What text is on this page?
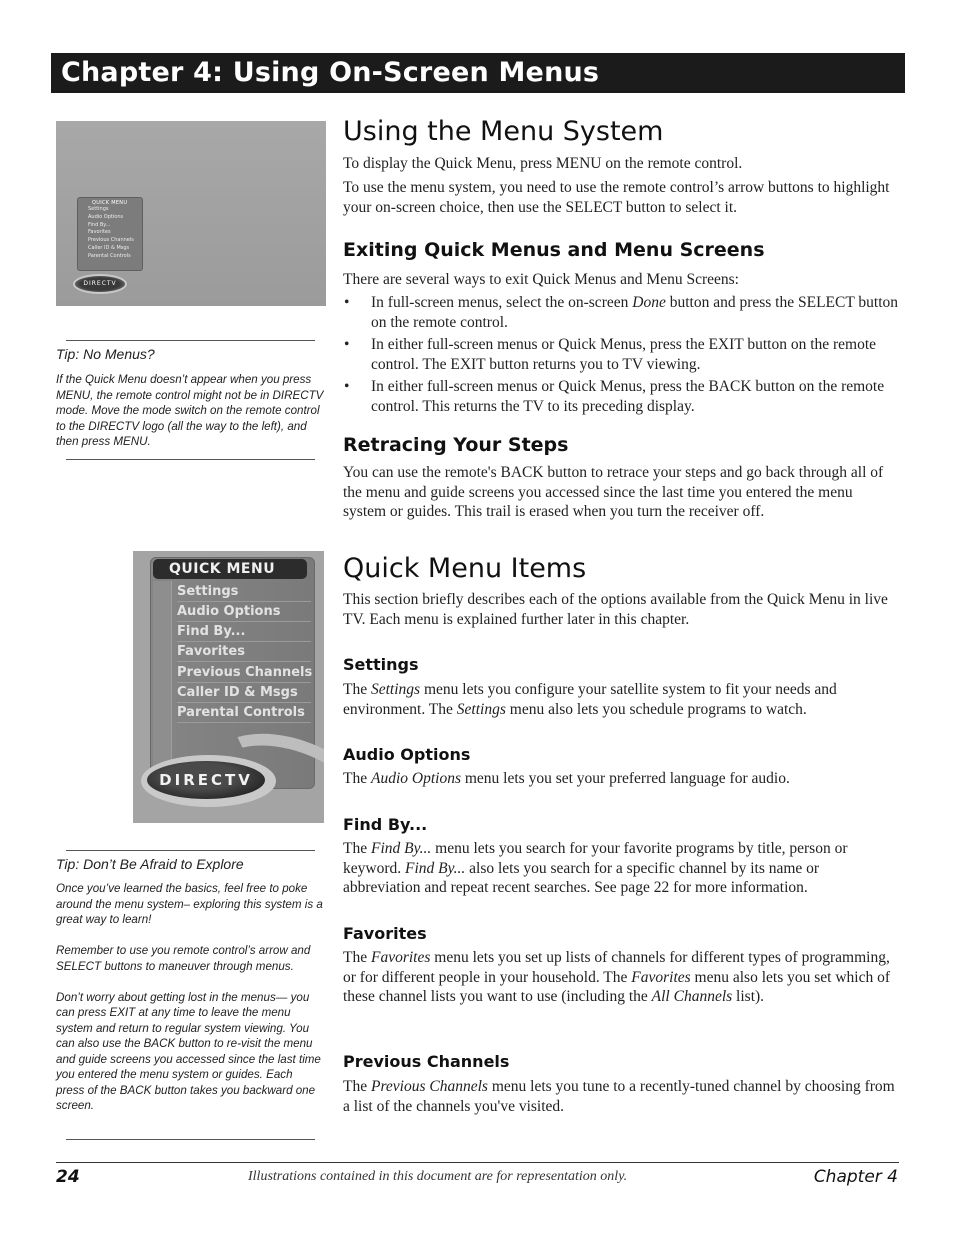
Chapter 4: Using On-Screen Menus
QUICK MENU
Settings
Audio Options
Find By...
Favorites
Previous Channels
Caller ID & Msgs
Parental Controls
DIRECTV
Tip: No Menus?

If the Quick Menu doesn’t appear when you press MENU, the remote control might not be in DIRECTV mode. Move the mode switch on the remote control to the DIRECTV logo (all the way to the left), and then press MENU.

Using the Menu System

To display the Quick Menu, press MENU on the remote control.

To use the menu system, you need to use the remote control’s arrow buttons to highlight your on-screen choice, then use the SELECT button to select it.

Exiting Quick Menus and Menu Screens

There are several ways to exit Quick Menus and Menu Screens:

• In full-screen menus, select the on-screen Done button and press the SELECT button on the remote control.
• In either full-screen menus or Quick Menus, press the EXIT button on the remote control. The EXIT button returns you to TV viewing.
• In either full-screen menus or Quick Menus, press the BACK button on the remote control. This returns the TV to its preceding display.
Retracing Your Steps

You can use the remote's BACK button to retrace your steps and go back through all of the menu and guide screens you accessed since the last time you entered the menu system or guides. This trail is erased when you turn the receiver off.

QUICK MENU
Settings
Audio Options
Find By...
Favorites
Previous Channels
Caller ID & Msgs
Parental Controls
DIRECTV
Tip: Don’t Be Afraid to Explore

Once you’ve learned the basics, feel free to poke around the menu system– exploring this system is a great way to learn!

Remember to use you remote control’s arrow and SELECT buttons to maneuver through menus.

Don’t worry about getting lost in the menus— you can press EXIT at any time to leave the menu system and return to regular system viewing. You can also use the BACK button to re-visit the menu and guide screens you accessed since the last time you entered the menu system or guides. Each press of the BACK button takes you backward one screen.

Quick Menu Items

This section briefly describes each of the options available from the Quick Menu in live TV. Each menu is explained further later in this chapter.

Settings

The Settings menu lets you configure your satellite system to fit your needs and environment. The Settings menu also lets you schedule programs to watch.

Audio Options

The Audio Options menu lets you set your preferred language for audio.

Find By...

The Find By... menu lets you search for your favorite programs by title, person or keyword. Find By... also lets you search for a specific channel by its name or abbreviation and repeat recent searches. See page 22 for more information.

Favorites

The Favorites menu lets you set up lists of channels for different types of programming, or for different people in your household. The Favorites menu also lets you set which of these channel lists you want to use (including the All Channels list).

Previous Channels

The Previous Channels menu lets you tune to a recently-tuned channel by choosing from a list of the channels you've visited.

24	Illustrations contained in this document are for representation only.	Chapter 4
